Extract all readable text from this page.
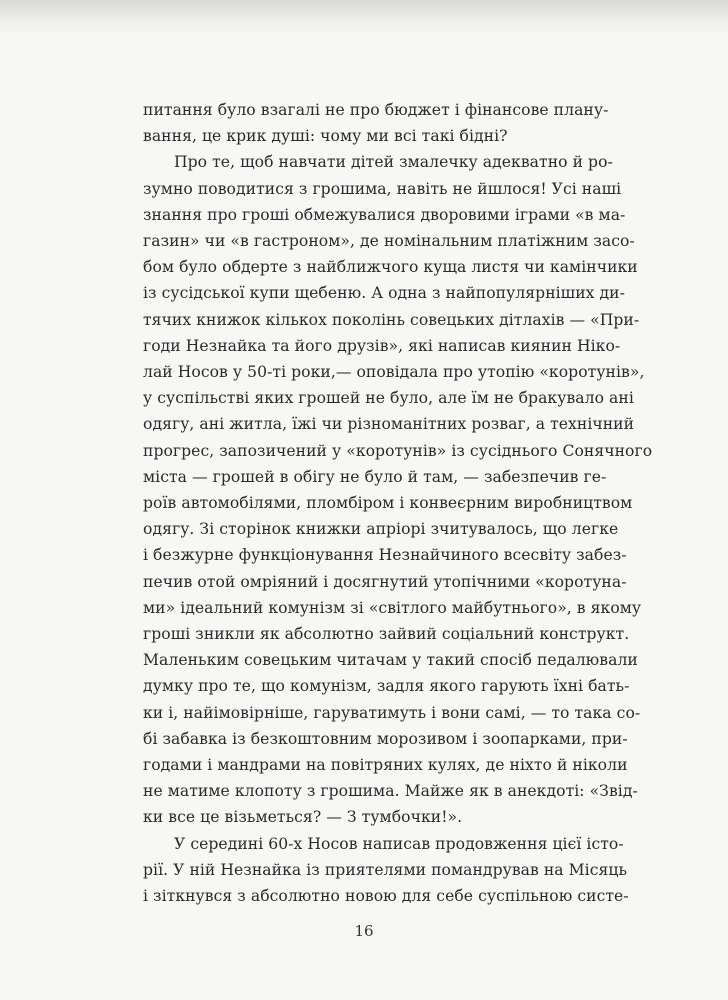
питання було взагалі не про бюджет і фінансове плану-
вання, це крик душі: чому ми всі такі бідні?
Про те, щоб навчати дітей змалечку адекватно й ро-
зумно поводитися з грошима, навіть не йшлося! Усі наші
знання про гроші обмежувалися дворовими іграми «в ма-
газин» чи «в гастроном», де номінальним платіжним засо-
бом було обдерте з найближчого куща листя чи камінчики
із сусідської купи щебеню. А одна з найпопулярніших ди-
тячих книжок кількох поколінь совецьких дітлахів — «При-
годи Незнайка та його друзів», які написав киянин Ніко-
лай Носов у 50-ті роки,— оповідала про утопію «коротунів»,
у суспільстві яких грошей не було, але їм не бракувало ані
одягу, ані житла, їжі чи різноманітних розваг, а технічний
прогрес, запозичений у «коротунів» із сусіднього Сонячного
міста — грошей в обігу не було й там, — забезпечив ге-
роїв автомобілями, пломбіром і конвеєрним виробництвом
одягу. Зі сторінок книжки апріорі зчитувалось, що легке
і безжурне функціонування Незнайчиного всесвіту забез-
печив отой омріяний і досягнутий утопічними «коротуна-
ми» ідеальний комунізм зі «світлого майбутнього», в якому
гроші зникли як абсолютно зайвий соціальний конструкт.
Маленьким совецьким читачам у такий спосіб педалювали
думку про те, що комунізм, задля якого гарують їхні бать-
ки і, найімовірніше, гаруватимуть і вони самі, — то така со-
бі забавка із безкоштовним морозивом і зоопарками, при-
годами і мандрами на повітряних кулях, де ніхто й ніколи
не матиме клопоту з грошима. Майже як в анекдоті: «Звід-
ки все це візьметься? — З тумбочки!».
У середині 60-х Носов написав продовження цієї істо-
рії. У ній Незнайка із приятелями помандрував на Місяць
і зіткнувся з абсолютно новою для себе суспільною систе-
16
